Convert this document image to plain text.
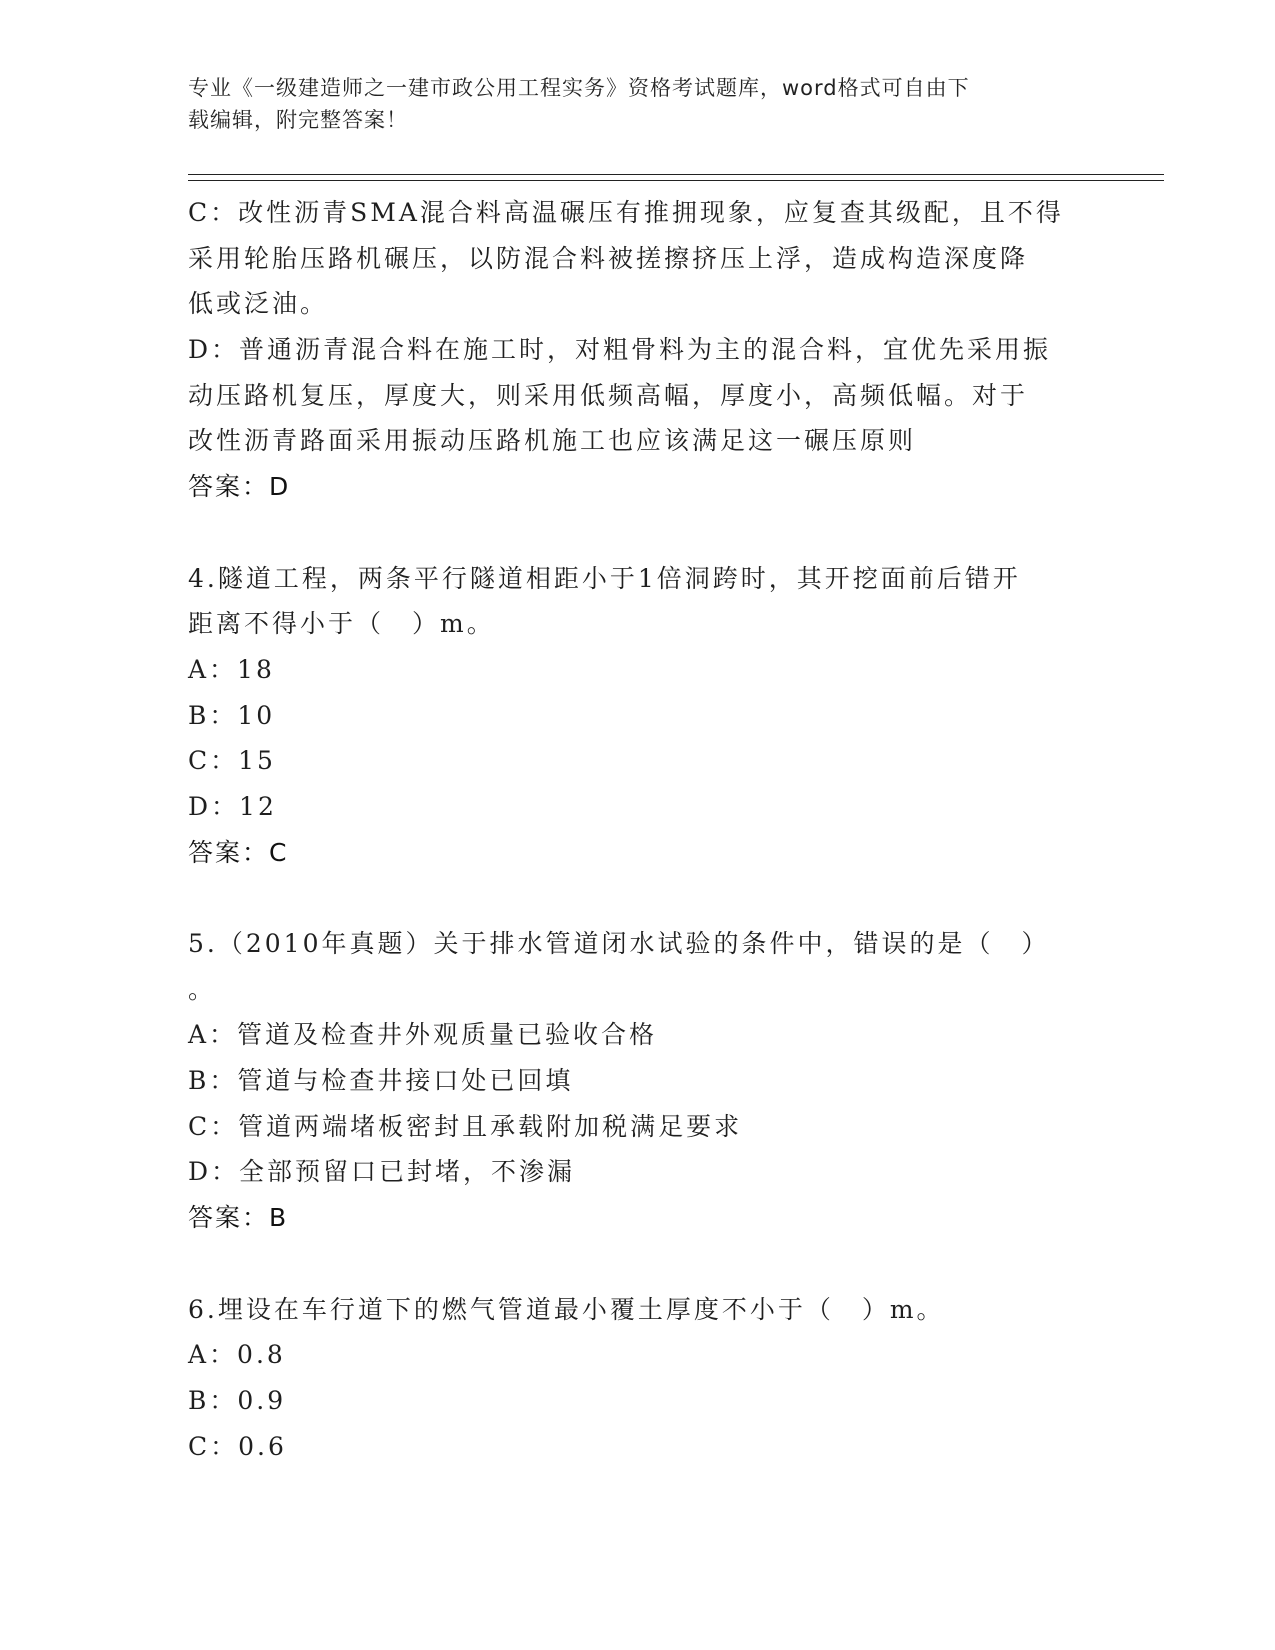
专业《一级建造师之一建市政公用工程实务》资格考试题库，word格式可自由下
载编辑，附完整答案！
C：改性沥青SMA混合料高温碾压有推拥现象，应复查其级配，且不得
采用轮胎压路机碾压，以防混合料被搓擦挤压上浮，造成构造深度降
低或泛油。
D：普通沥青混合料在施工时，对粗骨料为主的混合料，宜优先采用振
动压路机复压，厚度大，则采用低频高幅，厚度小，高频低幅。对于
改性沥青路面采用振动压路机施工也应该满足这一碾压原则
答案：D
4.隧道工程，两条平行隧道相距小于1倍洞跨时，其开挖面前后错开
距离不得小于（　）m。
A：18
B：10
C：15
D：12
答案：C
5.（2010年真题）关于排水管道闭水试验的条件中，错误的是（　）
。
A：管道及检查井外观质量已验收合格
B：管道与检查井接口处已回填
C：管道两端堵板密封且承载附加税满足要求
D：全部预留口已封堵，不渗漏
答案：B
6.埋设在车行道下的燃气管道最小覆土厚度不小于（　）m。
A：0.8
B：0.9
C：0.6
